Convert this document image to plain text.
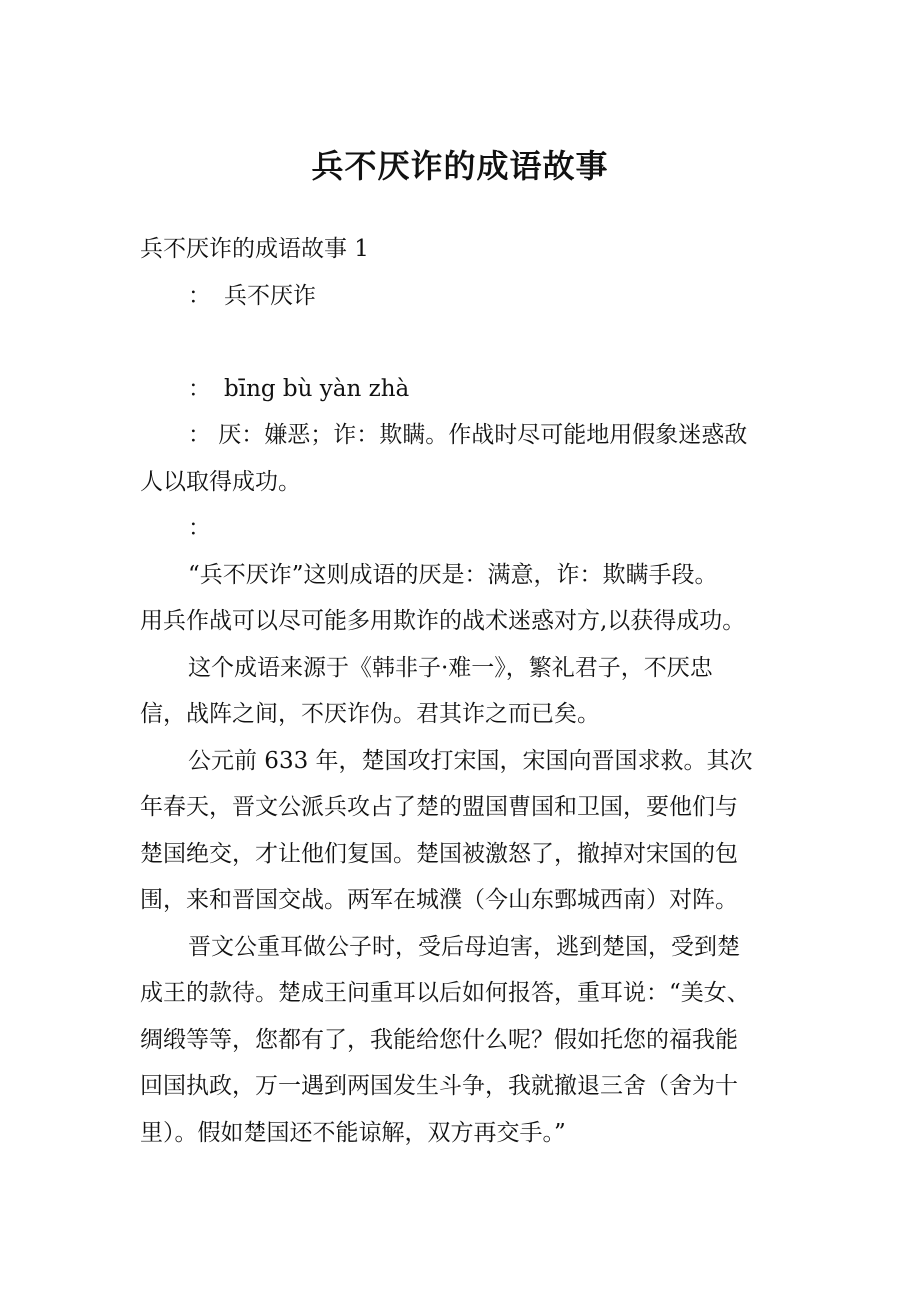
兵不厌诈的成语故事
兵不厌诈的成语故事 1
： 兵不厌诈
： bīng bù yàn zhà
： 厌：嫌恶；诈：欺瞒。作战时尽可能地用假象迷惑敌
人以取得成功。
：
“兵不厌诈”这则成语的厌是：满意，诈：欺瞒手段。
用兵作战可以尽可能多用欺诈的战术迷惑对方,以获得成功。
这个成语来源于《韩非子·难一》，繁礼君子，不厌忠
信，战阵之间，不厌诈伪。君其诈之而已矣。
公元前 633 年，楚国攻打宋国，宋国向晋国求救。其次
年春天，晋文公派兵攻占了楚的盟国曹国和卫国，要他们与
楚国绝交，才让他们复国。楚国被激怒了，撤掉对宋国的包
围，来和晋国交战。两军在城濮（今山东鄄城西南）对阵。
晋文公重耳做公子时，受后母迫害，逃到楚国，受到楚
成王的款待。楚成王问重耳以后如何报答，重耳说：“美女、
绸缎等等，您都有了，我能给您什么呢？假如托您的福我能
回国执政，万一遇到两国发生斗争，我就撤退三舍（舍为十
里）。假如楚国还不能谅解，双方再交手。”
